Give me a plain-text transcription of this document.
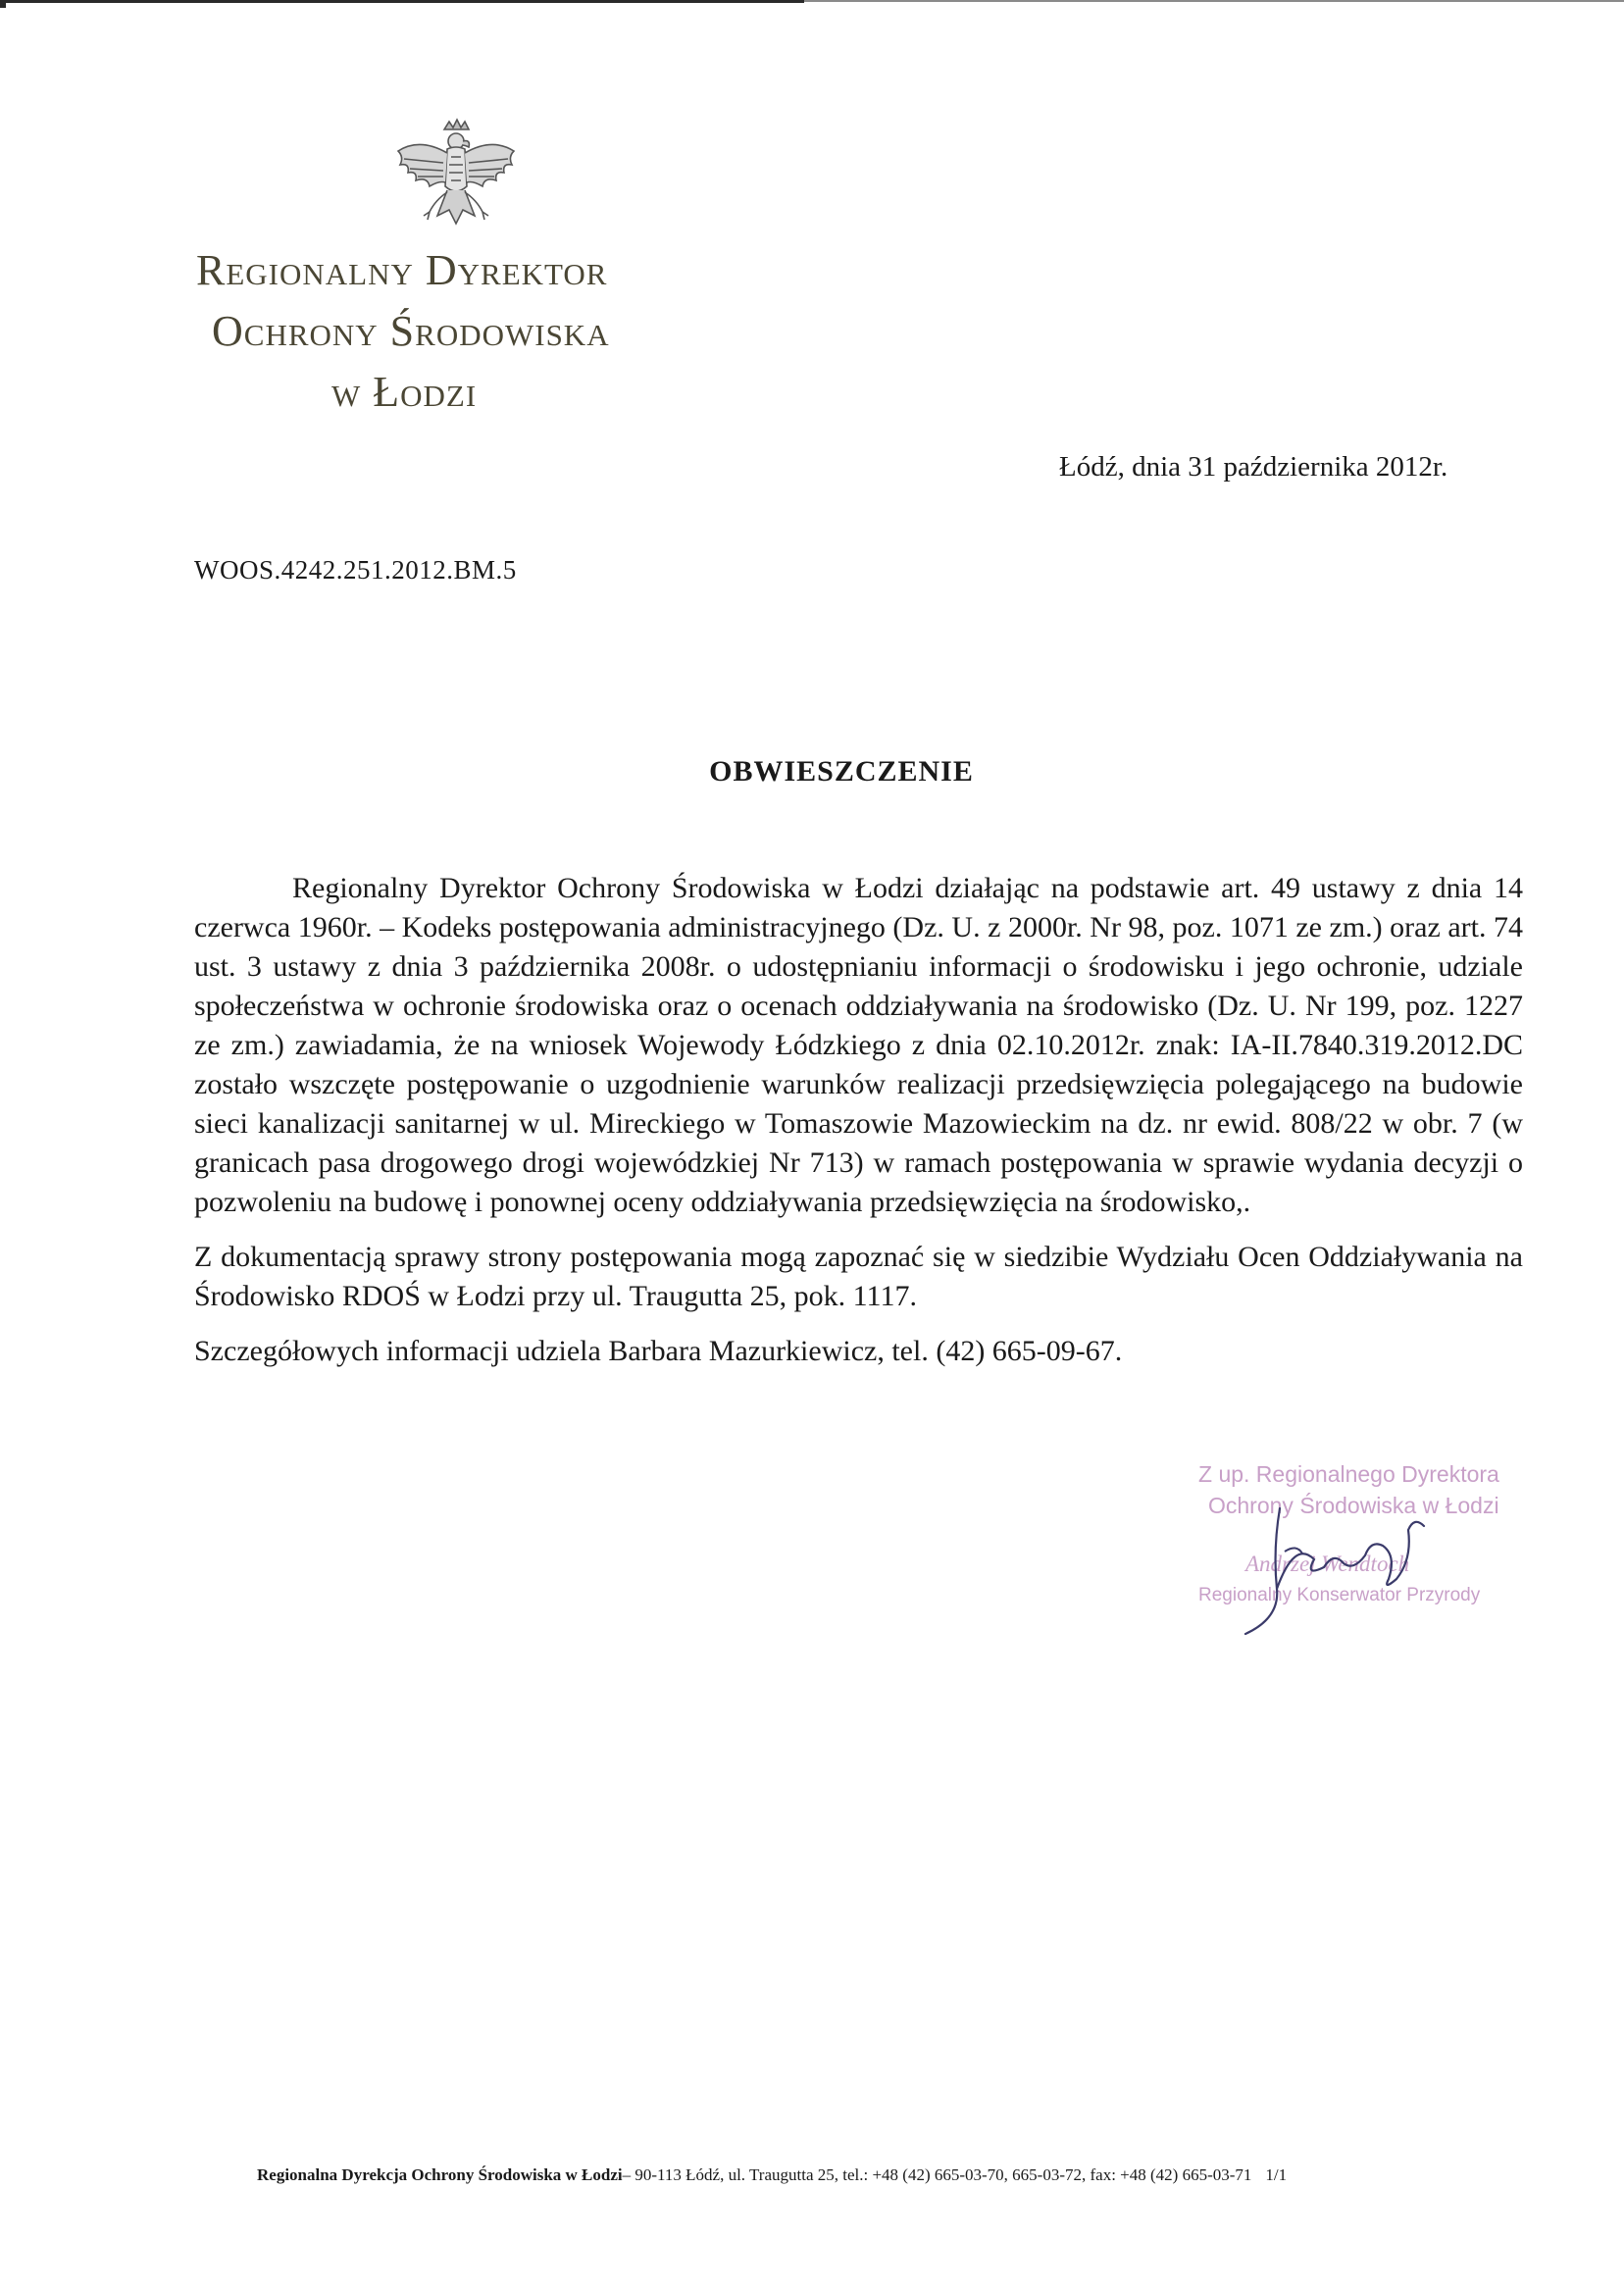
Regionalny Dyrektor
Ochrony Środowiska
w Łodzi
Łódź, dnia 31 października 2012r.
WOOS.4242.251.2012.BM.5
OBWIESZCZENIE

Regionalny Dyrektor Ochrony Środowiska w Łodzi działając na podstawie art. 49 ustawy z dnia 14 czerwca 1960r. – Kodeks postępowania administracyjnego (Dz. U. z 2000r. Nr 98, poz. 1071 ze zm.) oraz art. 74 ust. 3 ustawy z dnia 3 października 2008r. o udostępnianiu informacji o środowisku i jego ochronie, udziale społeczeństwa w ochronie środowiska oraz o ocenach oddziaływania na środowisko (Dz. U. Nr 199, poz. 1227 ze zm.) zawiadamia, że na wniosek Wojewody Łódzkiego z dnia 02.10.2012r. znak: IA-II.7840.319.2012.DC zostało wszczęte postępowanie o uzgodnienie warunków realizacji przedsięwzięcia polegającego na budowie sieci kanalizacji sanitarnej w ul. Mireckiego w Tomaszowie Mazowieckim na dz. nr ewid. 808/22 w obr. 7 (w granicach pasa drogowego drogi wojewódzkiej Nr 713) w ramach postępowania w sprawie wydania decyzji o pozwoleniu na budowę i ponownej oceny oddziaływania przedsięwzięcia na środowisko,.

Z dokumentacją sprawy strony postępowania mogą zapoznać się w siedzibie Wydziału Ocen Oddziaływania na Środowisko RDOŚ w Łodzi przy ul. Traugutta 25, pok. 1117.

Szczegółowych informacji udziela Barbara Mazurkiewicz, tel. (42) 665-09-67.

Z up. Regionalnego Dyrektora
Ochrony Środowiska w Łodzi
Andrzej Wendtoch
Regionalny Konserwator Przyrody
Regionalna Dyrekcja Ochrony Środowiska w Łodzi– 90-113 Łódź, ul. Traugutta 25, tel.: +48 (42) 665-03-70, 665-03-72, fax: +48 (42) 665-03-71 1/1
